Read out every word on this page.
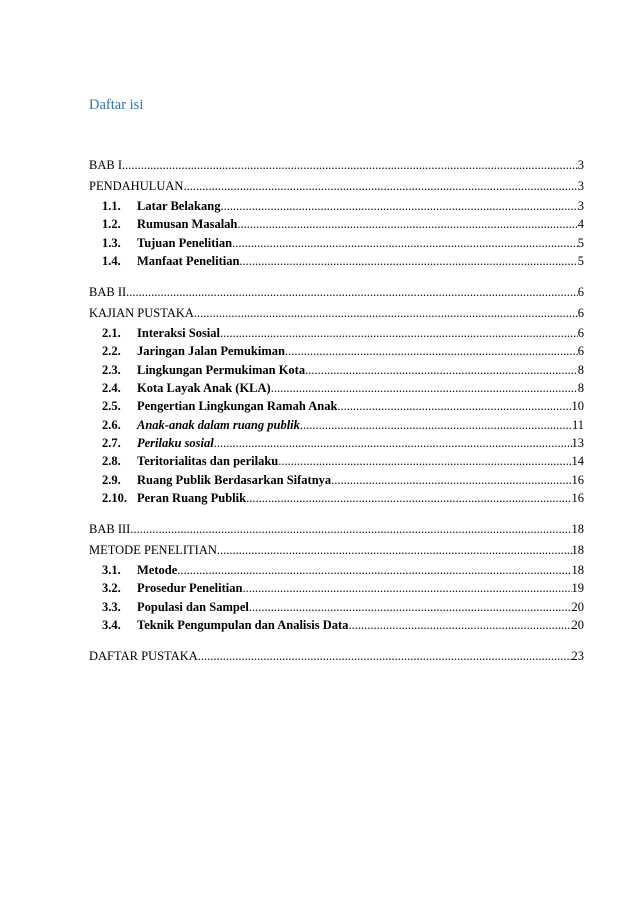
Daftar isi
BAB I .....	3
PENDAHULUAN .....	3
1.1.	Latar Belakang .....	3
1.2.	Rumusan Masalah .....	4
1.3.	Tujuan Penelitian .....	5
1.4.	Manfaat Penelitian .....	5
BAB II .....	6
KAJIAN PUSTAKA .....	6
2.1.	Interaksi Sosial .....	6
2.2.	Jaringan Jalan Pemukiman .....	6
2.3.	Lingkungan Permukiman Kota .....	8
2.4.	Kota Layak Anak (KLA) .....	8
2.5.	Pengertian Lingkungan Ramah Anak .....	10
2.6.	Anak-anak dalam ruang publik .....	11
2.7.	Perilaku sosial .....	13
2.8.	Teritorialitas dan perilaku .....	14
2.9.	Ruang Publik Berdasarkan Sifatnya .....	16
2.10. Peran Ruang Publik .....	16
BAB III .....	18
METODE PENELITIAN .....	18
3.1.	Metode .....	18
3.2.	Prosedur Penelitian .....	19
3.3.	Populasi dan Sampel .....	20
3.4.	Teknik Pengumpulan dan Analisis Data .....	20
DAFTAR PUSTAKA .....	23
